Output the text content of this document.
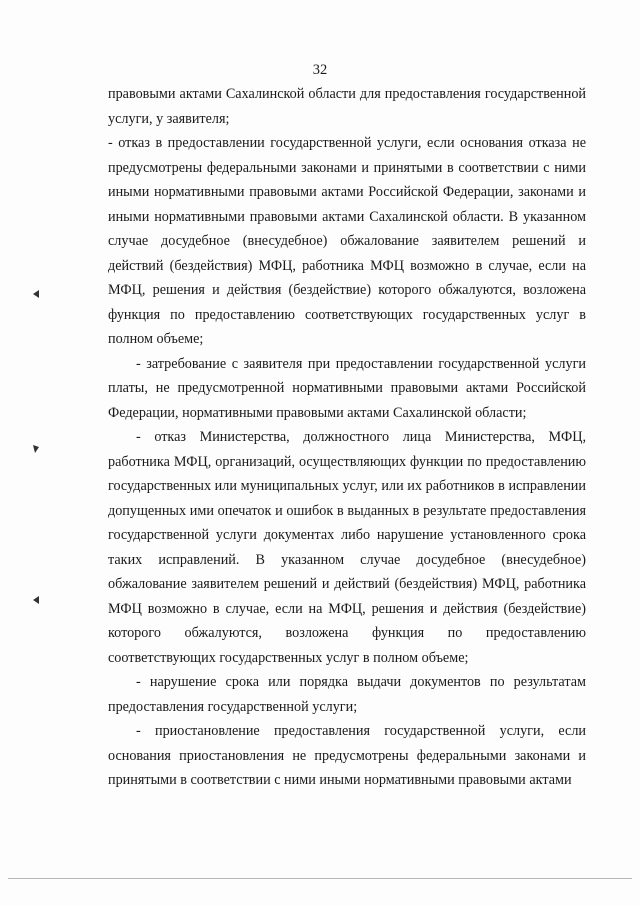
32

правовыми актами Сахалинской области для предоставления государственной услуги, у заявителя;

- отказ в предоставлении государственной услуги, если основания отказа не предусмотрены федеральными законами и принятыми в соответствии с ними иными нормативными правовыми актами Российской Федерации, законами и иными нормативными правовыми актами Сахалинской области. В указанном случае досудебное (внесудебное) обжалование заявителем решений и действий (бездействия) МФЦ, работника МФЦ возможно в случае, если на МФЦ, решения и действия (бездействие) которого обжалуются, возложена функция по предоставлению соответствующих государственных услуг в полном объеме;

- затребование с заявителя при предоставлении государственной услуги платы, не предусмотренной нормативными правовыми актами Российской Федерации, нормативными правовыми актами Сахалинской области;

- отказ Министерства, должностного лица Министерства, МФЦ, работника МФЦ, организаций, осуществляющих функции по предоставлению государственных или муниципальных услуг, или их работников в исправлении допущенных ими опечаток и ошибок в выданных в результате предоставления государственной услуги документах либо нарушение установленного срока таких исправлений. В указанном случае досудебное (внесудебное) обжалование заявителем решений и действий (бездействия) МФЦ, работника МФЦ возможно в случае, если на МФЦ, решения и действия (бездействие) которого обжалуются, возложена функция по предоставлению соответствующих государственных услуг в полном объеме;

- нарушение срока или порядка выдачи документов по результатам предоставления государственной услуги;

- приостановление предоставления государственной услуги, если основания приостановления не предусмотрены федеральными законами и принятыми в соответствии с ними иными нормативными правовыми актами
